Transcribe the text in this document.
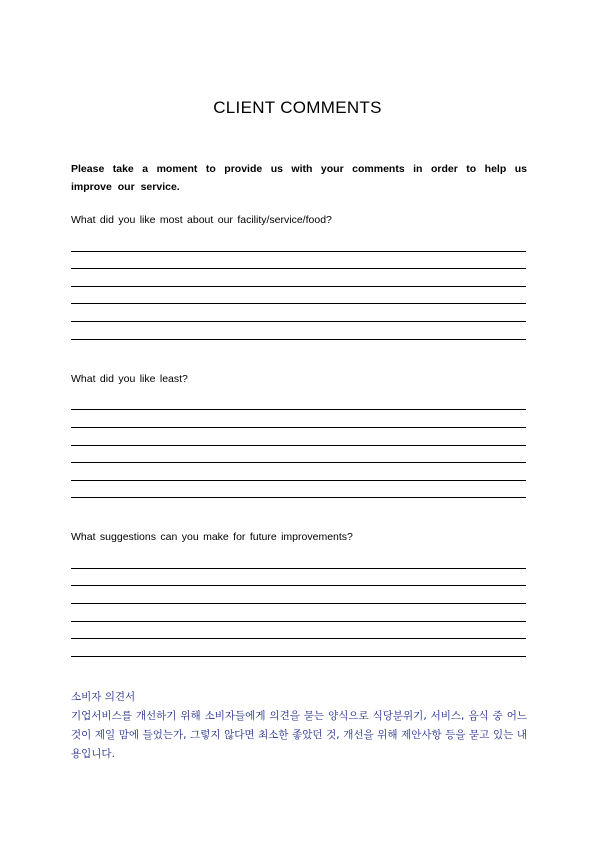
CLIENT COMMENTS
Please take a moment to provide us with your comments in order to help us improve our service.
What did you like most about our facility/service/food?
What did you like least?
What suggestions can you make for future improvements?

소비자 의견서

기업서비스를 개선하기 위해 소비자들에게 의견을 묻는 양식으로 식당분위기, 서비스, 음식 중 어느 것이 제일 맘에 들었는가, 그렇지 않다면 최소한 좋았던 것, 개선을 위해 제안사항 등을 묻고 있는 내용입니다.
